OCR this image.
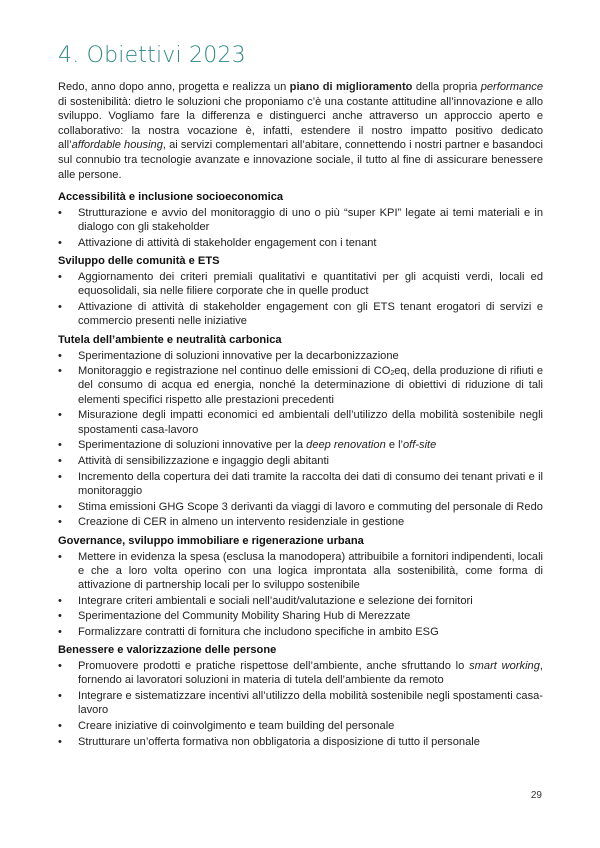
4. Obiettivi 2023

Redo, anno dopo anno, progetta e realizza un piano di miglioramento della propria performance di sostenibilità: dietro le soluzioni che proponiamo c’è una costante attitudine all’innovazione e allo sviluppo. Vogliamo fare la differenza e distinguerci anche attraverso un approccio aperto e collaborativo: la nostra vocazione è, infatti, estendere il nostro impatto positivo dedicato all’affordable housing, ai servizi complementari all’abitare, connettendo i nostri partner e basandoci sul connubio tra tecnologie avanzate e innovazione sociale, il tutto al fine di assicurare benessere alle persone.

Accessibilità e inclusione socioeconomica
•	Strutturazione e avvio del monitoraggio di uno o più “super KPI” legate ai temi materiali e in dialogo con gli stakeholder
•	Attivazione di attività di stakeholder engagement con i tenant
Sviluppo delle comunità e ETS
•	Aggiornamento dei criteri premiali qualitativi e quantitativi per gli acquisti verdi, locali ed equosolidali, sia nelle filiere corporate che in quelle product
•	Attivazione di attività di stakeholder engagement con gli ETS tenant erogatori di servizi e commercio presenti nelle iniziative
Tutela dell’ambiente e neutralità carbonica
•	Sperimentazione di soluzioni innovative per la decarbonizzazione
•	Monitoraggio e registrazione nel continuo delle emissioni di $CO_2eq$, della produzione di rifiuti e del consumo di acqua ed energia, nonché la determinazione di obiettivi di riduzione di tali elementi specifici rispetto alle prestazioni precedenti
•	Misurazione degli impatti economici ed ambientali dell’utilizzo della mobilità sostenibile negli spostamenti casa-lavoro
•	Sperimentazione di soluzioni innovative per la deep renovation e l’off-site
•	Attività di sensibilizzazione e ingaggio degli abitanti
•	Incremento della copertura dei dati tramite la raccolta dei dati di consumo dei tenant privati e il monitoraggio
•	Stima emissioni GHG Scope 3 derivanti da viaggi di lavoro e commuting del personale di Redo
•	Creazione di CER in almeno un intervento residenziale in gestione
Governance, sviluppo immobiliare e rigenerazione urbana
•	Mettere in evidenza la spesa (esclusa la manodopera) attribuibile a fornitori indipendenti, locali e che a loro volta operino con una logica improntata alla sostenibilità, come forma di attivazione di partnership locali per lo sviluppo sostenibile
•	Integrare criteri ambientali e sociali nell’audit/valutazione e selezione dei fornitori
•	Sperimentazione del Community Mobility Sharing Hub di Merezzate
•	Formalizzare contratti di fornitura che includono specifiche in ambito ESG
Benessere e valorizzazione delle persone
•	Promuovere prodotti e pratiche rispettose dell’ambiente, anche sfruttando lo smart working, fornendo ai lavoratori soluzioni in materia di tutela dell’ambiente da remoto
•	Integrare e sistematizzare incentivi all’utilizzo della mobilità sostenibile negli spostamenti casa-lavoro
•	Creare iniziative di coinvolgimento e team building del personale
•	Strutturare un’offerta formativa non obbligatoria a disposizione di tutto il personale
29
